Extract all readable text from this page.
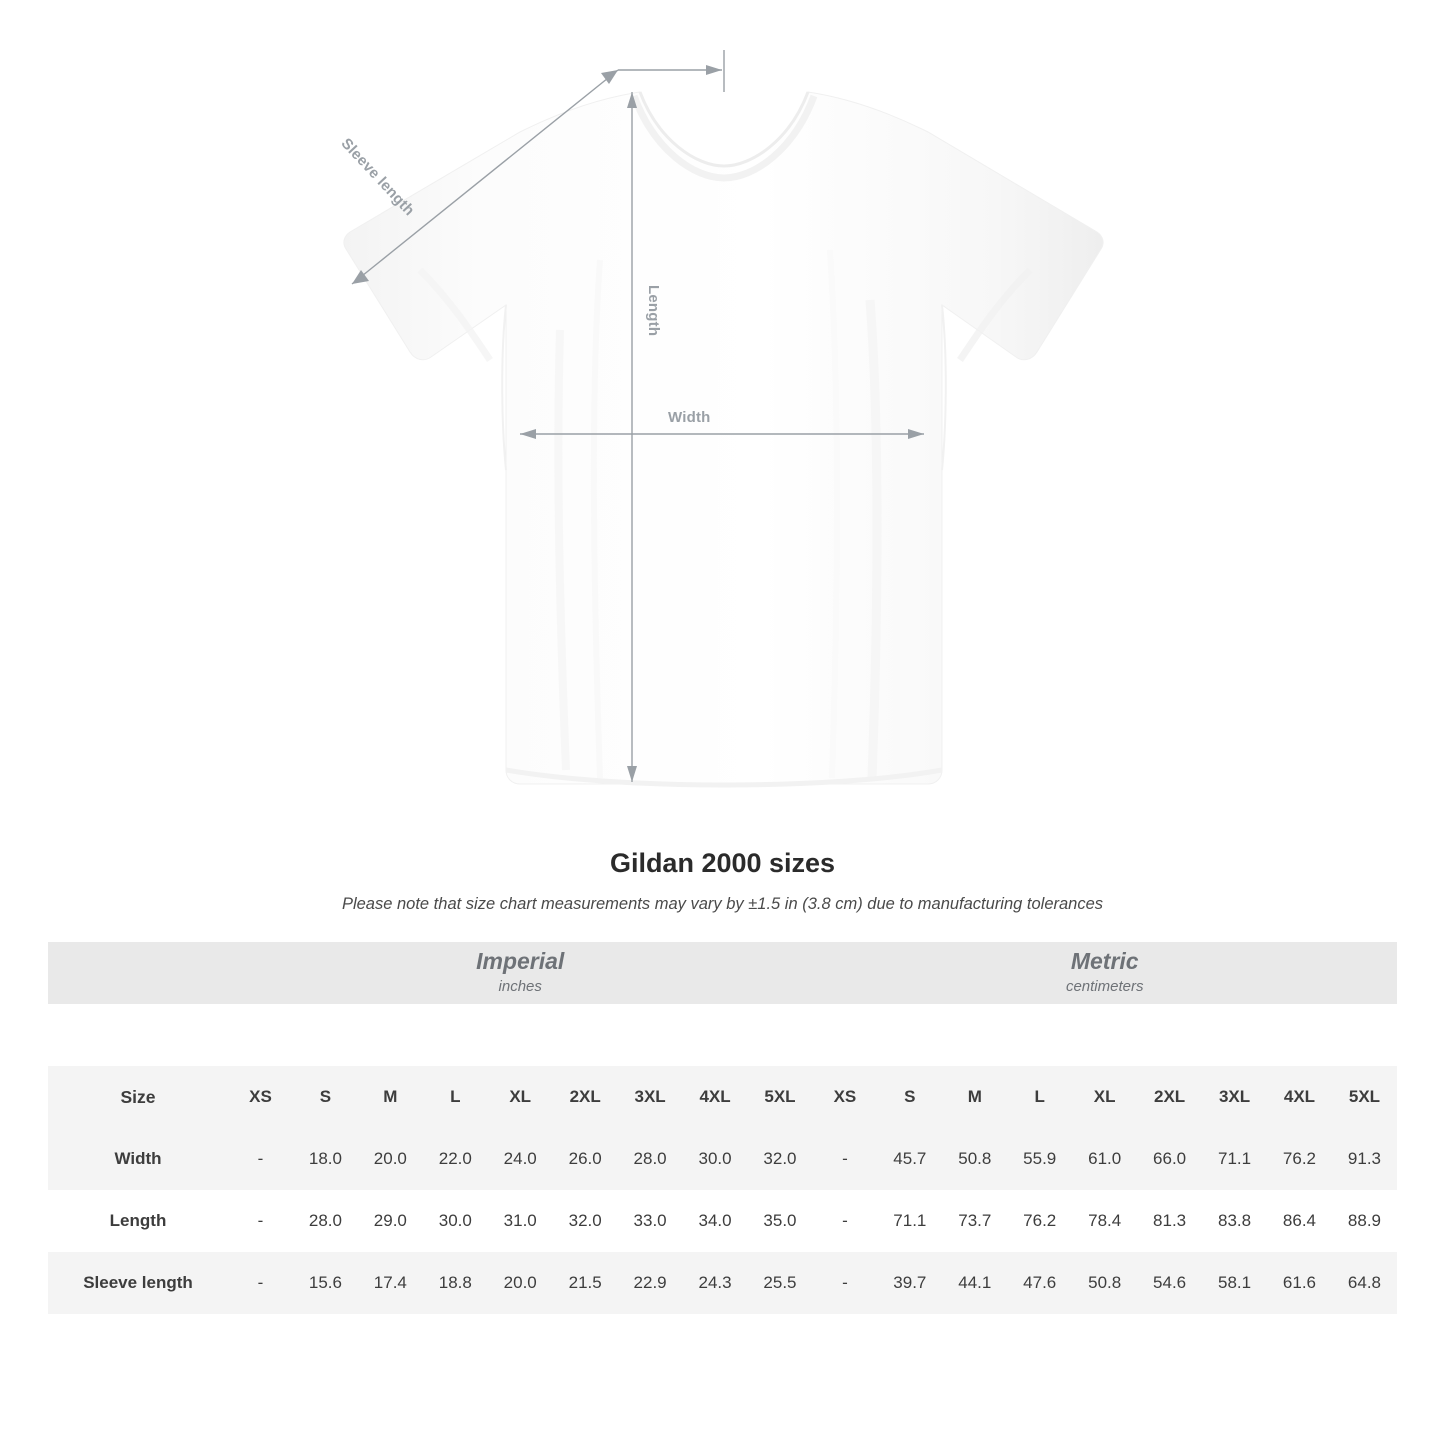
Sleeve length
Length
Width
Gildan 2000 sizes

Please note that size chart measurements may vary by ±1.5 in (3.8 cm) due to manufacturing tolerances

Imperial
inches

Metric
centimeters

Size	XS	S	M	L	XL	2XL	3XL	4XL	5XL	XS	S	M	L	XL	2XL	3XL	4XL	5XL
Width	-	18.0	20.0	22.0	24.0	26.0	28.0	30.0	32.0	-	45.7	50.8	55.9	61.0	66.0	71.1	76.2	91.3
Length	-	28.0	29.0	30.0	31.0	32.0	33.0	34.0	35.0	-	71.1	73.7	76.2	78.4	81.3	83.8	86.4	88.9
Sleeve length	-	15.6	17.4	18.8	20.0	21.5	22.9	24.3	25.5	-	39.7	44.1	47.6	50.8	54.6	58.1	61.6	64.8
